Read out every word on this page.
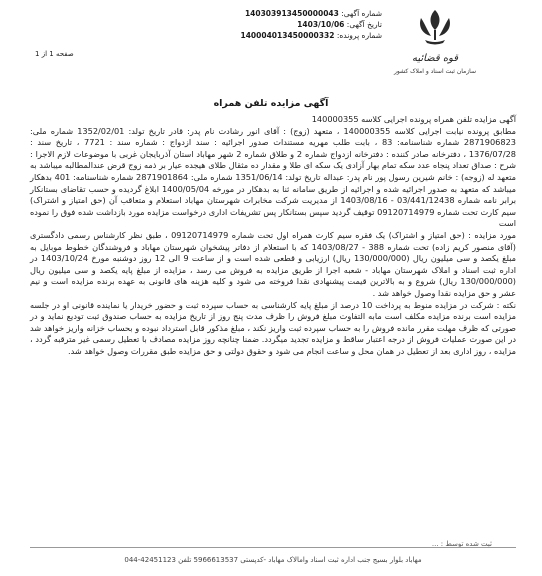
قوه قضائیه
سازمان ثبت اسناد و املاک کشور
شماره آگهی: 140303913450000043
تاریخ آگهی: 1403/10/06
شماره پرونده: 140004013450000332
صفحه 1 از 1
آگهی مزایده تلفن همراه

آگهی مزایده تلفن همراه پرونده اجرایی کلاسه 140000355

مطابق پرونده نیابت اجرایی کلاسه 140000355 ، متعهد (زوج) : آقای انور رشادت نام پدر: قادر تاریخ تولد: 1352/02/01 شماره ملی: 2871906823 شماره شناسنامه: 83 ، بابت طلب مهریه مستندات صدور اجرائیه : سند ازدواج : شماره سند : 7721 ، تاریخ سند : 1376/07/28 ، دفترخانه صادر کننده : دفترخانه ازدواج شماره 2 و طلاق شماره 2 شهر مهاباد استان آذربایجان غربی با موضوعات لازم الاجرا : شرح : صداق تعداد پنجاه عدد سکه تمام بهار آزادی یک سکه ای طلا و مقدار ده مثقال طلای هیجده عیار بر ذمه زوج قرض عندالمطالبه میباشد به متعهد له (زوجه) : خانم شیرین رسول پور نام پدر: عبداله تاریخ تولد: 1351/06/14 شماره ملی: 2871901864 شماره شناسنامه: 401 بدهکار میباشد که متعهد به صدور اجرائیه شده و اجرائیه از طریق سامانه ثنا به بدهکار در مورخه 1400/05/04 ابلاغ گردیده و حسب تقاضای بستانکار برابر نامه شماره 03/441/12438 - 1403/08/16 از مدیریت شرکت مخابرات شهرستان مهاباد استعلام و متعاقب آن (حق امتیاز و اشتراک) سیم کارت تحت شماره 09120714979 توقیف گردید سپس بستانکار پس تشریفات اداری درخواست مزایده مورد بازداشت شده فوق را نموده است

مورد مزایده : (حق امتیاز و اشتراک) یک فقره سیم کارت همراه اول تحت شماره 09120714979 ، طبق نظر کارشناس رسمی دادگستری (آقای منصور کریم زاده) تحت شماره 388 - 1403/08/27 که با استعلام از دفاتر پیشخوان شهرستان مهاباد و فروشندگان خطوط موبایل به مبلغ یکصد و سی میلیون ریال (130/000/000 ریال) ارزیابی و قطعی شده است و از ساعت 9 الی 12 روز دوشنبه مورخ 1403/10/24 در اداره ثبت اسناد و املاک شهرستان مهاباد - شعبه اجرا از طریق مزایده به فروش می رسد ، مزایده از مبلغ پایه یکصد و سی میلیون ریال (130/000/000 ریال) شروع و به بالاترین قیمت پیشنهادی نقدا فروخته می شود و کلیه هزینه های قانونی به عهده برنده مزایده است و نیم عشر و حق مزایده نقدا وصول خواهد شد .

نکته : شرکت در مزایده منوط به پرداخت 10 درصد از مبلغ پایه کارشناسی به حساب سپرده ثبت و حضور خریدار یا نماینده قانونی او در جلسه مزایده است برنده مزایده مکلف است مابه التفاوت مبلغ فروش را ظرف مدت پنج روز از تاریخ مزایده به حساب صندوق ثبت تودیع نماید و در صورتی که ظرف مهلت مقرر مانده فروش را به حساب سپرده ثبت واریز نکند ، مبلغ مذکور قابل استرداد نبوده و بحساب خزانه واریز خواهد شد در این صورت عملیات فروش از درجه اعتبار ساقط و مزایده تجدید میگردد. ضمنا چنانچه روز مزایده مصادف با تعطیل رسمی غیر مترقبه گردد ، مزایده ، روز اداری بعد از تعطیل در همان محل و ساعت انجام می شود و حقوق دولتی و حق مزایده طبق مقررات وصول خواهد شد.

ثبت شده توسط : ...
مهاباد بلوار بسیج جنب اداره ثبت اسناد وامالاک مهاباد -کدپستی 5966613537 تلفن 42451123-044
